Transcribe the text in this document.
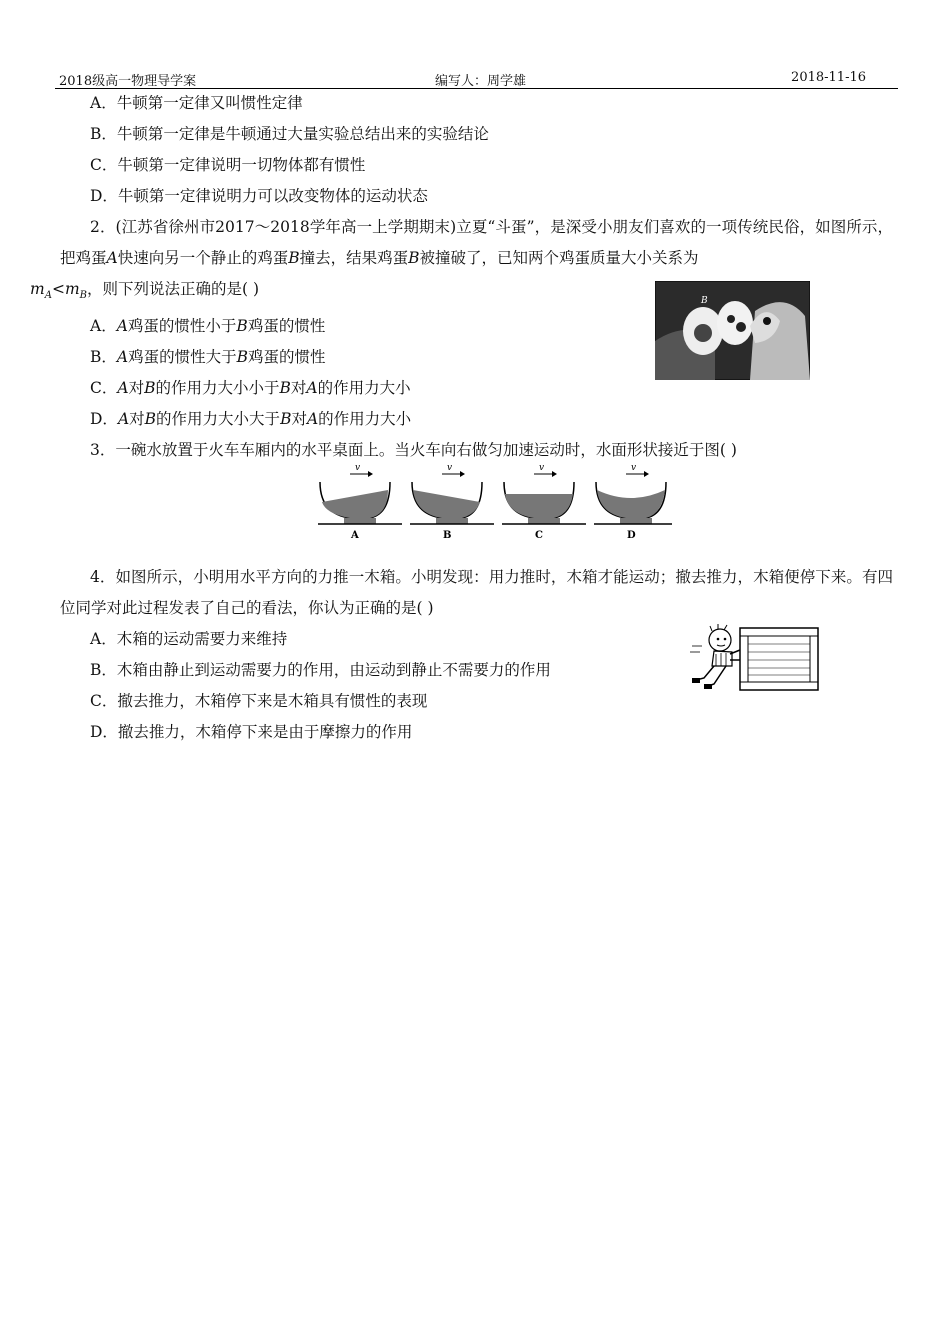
2018级高一物理导学案	编写人：周学雄	2018-11-16
A．牛顿第一定律又叫惯性定律
B．牛顿第一定律是牛顿通过大量实验总结出来的实验结论
C．牛顿第一定律说明一切物体都有惯性
D．牛顿第一定律说明力可以改变物体的运动状态
2．(江苏省徐州市2017～2018学年高一上学期期末)立夏“斗蛋”，是深受小朋友们喜欢的一项传统民俗，如图所示，把鸡蛋A快速向另一个静止的鸡蛋B撞去，结果鸡蛋B被撞破了，已知两个鸡蛋质量大小关系为
$m_A<m_B$，则下列说法正确的是( )
A．A鸡蛋的惯性小于B鸡蛋的惯性
B．A鸡蛋的惯性大于B鸡蛋的惯性
C．A对B的作用力大小小于B对A的作用力大小
D．A对B的作用力大小大于B对A的作用力大小
3．一碗水放置于火车车厢内的水平桌面上。当火车向右做匀加速运动时，水面形状接近于图( )
4．如图所示，小明用水平方向的力推一木箱。小明发现：用力推时，木箱才能运动；撤去推力，木箱便停下来。有四位同学对此过程发表了自己的看法，你认为正确的是( )
A．木箱的运动需要力来维持
B．木箱由静止到运动需要力的作用，由运动到静止不需要力的作用
C．撤去推力，木箱停下来是木箱具有惯性的表现
D．撤去推力，木箱停下来是由于摩擦力的作用
B
v
A
v
B
v
C
v
D
